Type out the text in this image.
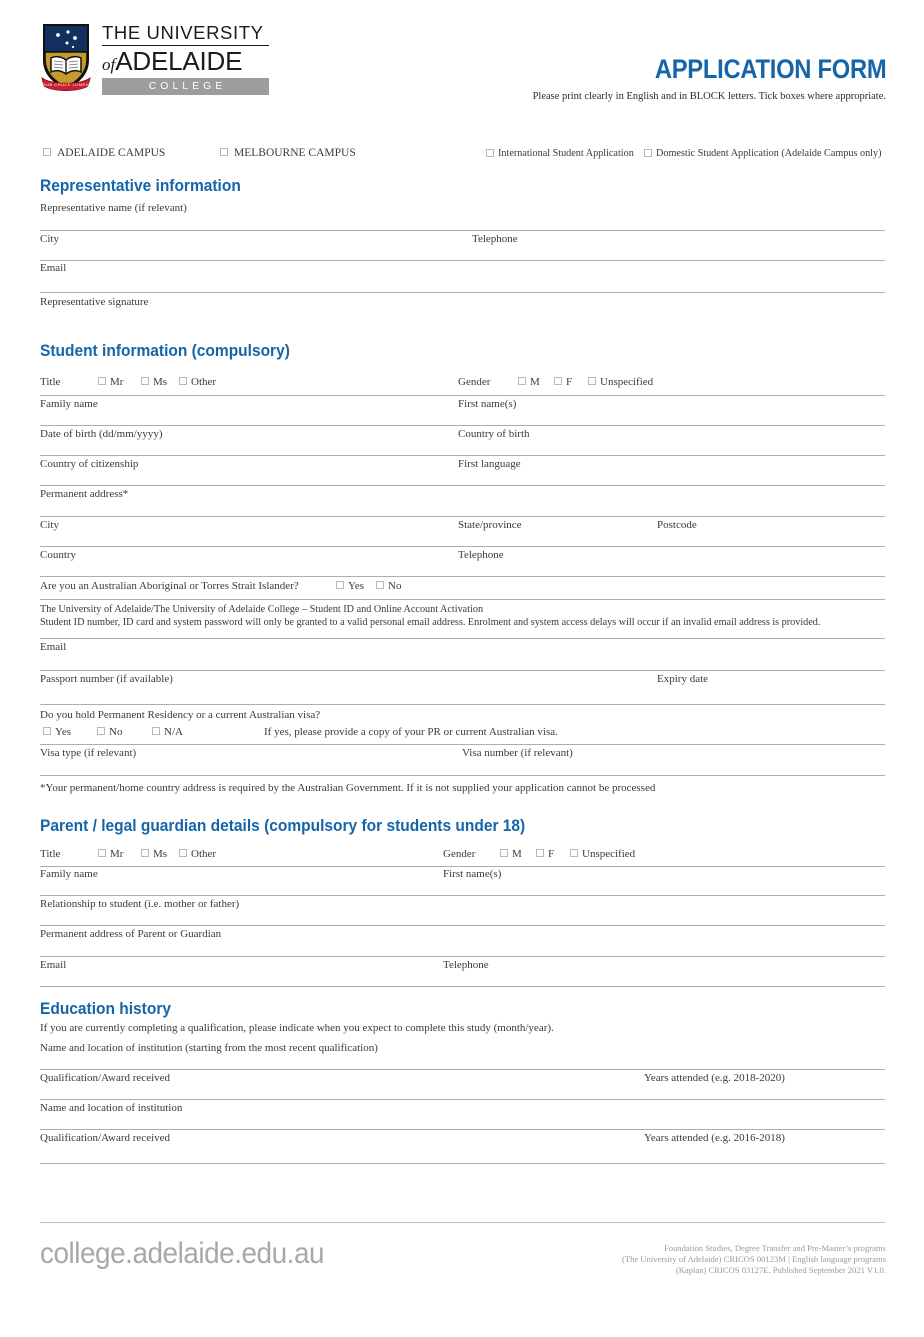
SUB CRUCE LUMEN
THE UNIVERSITY
ofADELAIDE
COLLEGE
APPLICATION FORM
Please print clearly in English and in BLOCK letters. Tick boxes where appropriate.
ADELAIDE CAMPUS	MELBOURNE CAMPUS	International Student Application Domestic Student Application (Adelaide Campus only)
Representative information
Representative name (if relevant)
City	Telephone
Email
Representative signature
Student information (compulsory)
Title	Mr	Ms Other	Gender	M F	Unspecified
Family name	First name(s)
Date of birth (dd/mm/yyyy)	Country of birth
Country of citizenship	First language
Permanent address*
City	State/province	Postcode
Country	Telephone
Are you an Australian Aboriginal or Torres Strait Islander?	Yes No
The University of Adelaide/The University of Adelaide College – Student ID and Online Account Activation
Student ID number, ID card and system password will only be granted to a valid personal email address. Enrolment and system access delays will occur if an invalid email address is provided.
Email
Passport number (if available)	Expiry date
Do you hold Permanent Residency or a current Australian visa?
Yes	No	N/A	If yes, please provide a copy of your PR or current Australian visa.
Visa type (if relevant)	Visa number (if relevant)
*Your permanent/home country address is required by the Australian Government. If it is not supplied your application cannot be processed
Parent / legal guardian details (compulsory for students under 18)
Title	Mr	Ms Other	Gender	M F	Unspecified
Family name	First name(s)
Relationship to student (i.e. mother or father)
Permanent address of Parent or Guardian
Email	Telephone
Education history
If you are currently completing a qualification, please indicate when you expect to complete this study (month/year).
Name and location of institution (starting from the most recent qualification)
Qualification/Award received	Years attended (e.g. 2018-2020)
Name and location of institution
Qualification/Award received	Years attended (e.g. 2016-2018)
college.adelaide.edu.au	Foundation Studies, Degree Transfer and Pre-Master’s programs
(The University of Adelaide) CRICOS 00123M | English language programs
(Kaplan) CRICOS 03127E. Published September 2021 V1.0.
